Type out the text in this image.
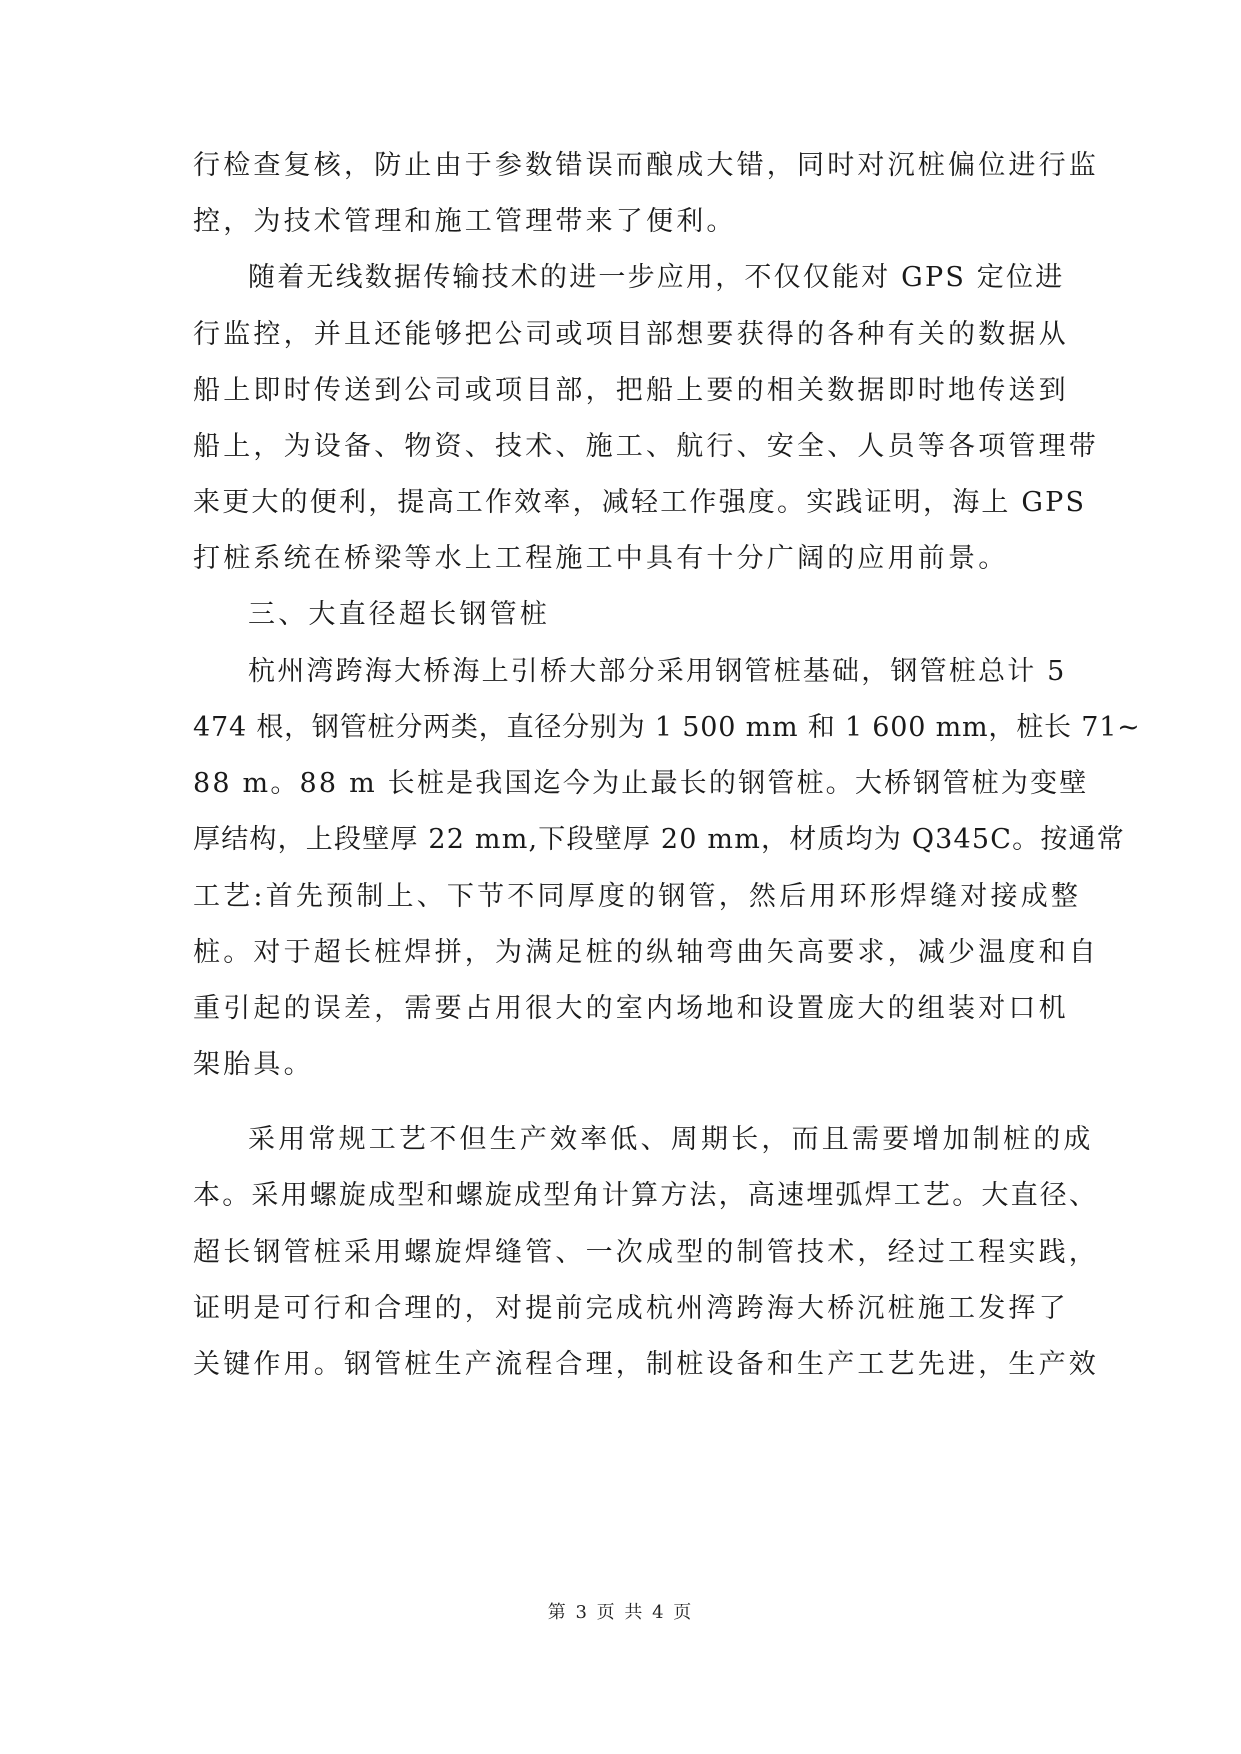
行检查复核，防止由于参数错误而酿成大错，同时对沉桩偏位进行监
控，为技术管理和施工管理带来了便利。
随着无线数据传输技术的进一步应用，不仅仅能对 GPS 定位进
行监控，并且还能够把公司或项目部想要获得的各种有关的数据从
船上即时传送到公司或项目部，把船上要的相关数据即时地传送到
船上，为设备、物资、技术、施工、航行、安全、人员等各项管理带
来更大的便利，提高工作效率，减轻工作强度。实践证明，海上 GPS
打桩系统在桥梁等水上工程施工中具有十分广阔的应用前景。
三、大直径超长钢管桩
杭州湾跨海大桥海上引桥大部分采用钢管桩基础，钢管桩总计 5
474 根，钢管桩分两类，直径分别为 1 500 mm 和 1 600 mm，桩长 71~
88 m。88 m 长桩是我国迄今为止最长的钢管桩。大桥钢管桩为变壁
厚结构，上段壁厚 22 mm,下段壁厚 20 mm，材质均为 Q345C。按通常
工艺:首先预制上、下节不同厚度的钢管，然后用环形焊缝对接成整
桩。对于超长桩焊拼，为满足桩的纵轴弯曲矢高要求，减少温度和自
重引起的误差，需要占用很大的室内场地和设置庞大的组装对口机
架胎具。
采用常规工艺不但生产效率低、周期长，而且需要增加制桩的成
本。采用螺旋成型和螺旋成型角计算方法，高速埋弧焊工艺。大直径、
超长钢管桩采用螺旋焊缝管、一次成型的制管技术，经过工程实践，
证明是可行和合理的，对提前完成杭州湾跨海大桥沉桩施工发挥了
关键作用。钢管桩生产流程合理，制桩设备和生产工艺先进，生产效
第 3 页 共 4 页
